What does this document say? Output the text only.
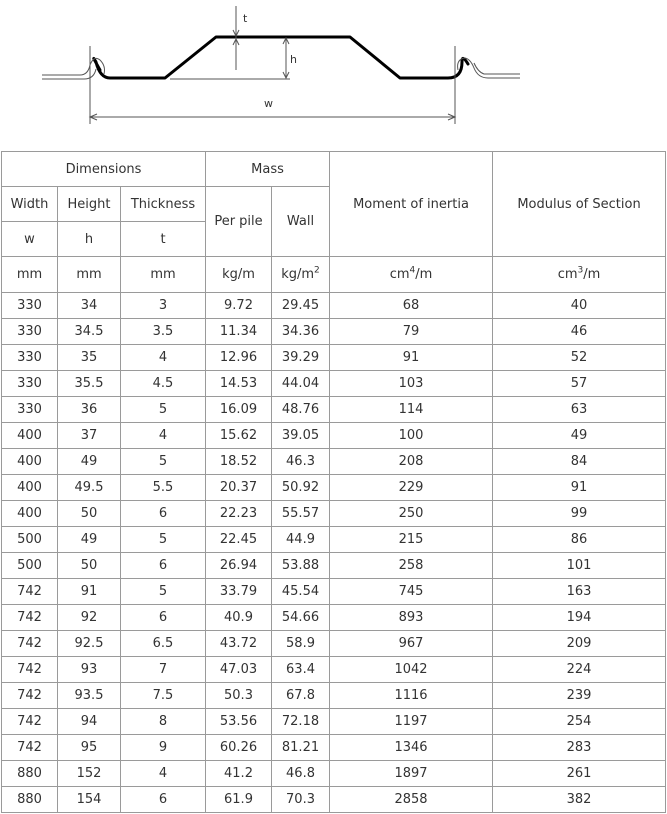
t
h
w
Dimensions			Mass		Moment of inertia	Modulus of Section
Width	Height	Thickness	Per pile	Wall		
w	h	t				
mm	mm	mm	kg/m	$kg/m^2$	$cm^4/m$	$cm^3/m$
330	34	3	9.72	29.45	68	40
330	34.5	3.5	11.34	34.36	79	46
330	35	4	12.96	39.29	91	52
330	35.5	4.5	14.53	44.04	103	57
330	36	5	16.09	48.76	114	63
400	37	4	15.62	39.05	100	49
400	49	5	18.52	46.3	208	84
400	49.5	5.5	20.37	50.92	229	91
400	50	6	22.23	55.57	250	99
500	49	5	22.45	44.9	215	86
500	50	6	26.94	53.88	258	101
742	91	5	33.79	45.54	745	163
742	92	6	40.9	54.66	893	194
742	92.5	6.5	43.72	58.9	967	209
742	93	7	47.03	63.4	1042	224
742	93.5	7.5	50.3	67.8	1116	239
742	94	8	53.56	72.18	1197	254
742	95	9	60.26	81.21	1346	283
880	152	4	41.2	46.8	1897	261
880	154	6	61.9	70.3	2858	382
